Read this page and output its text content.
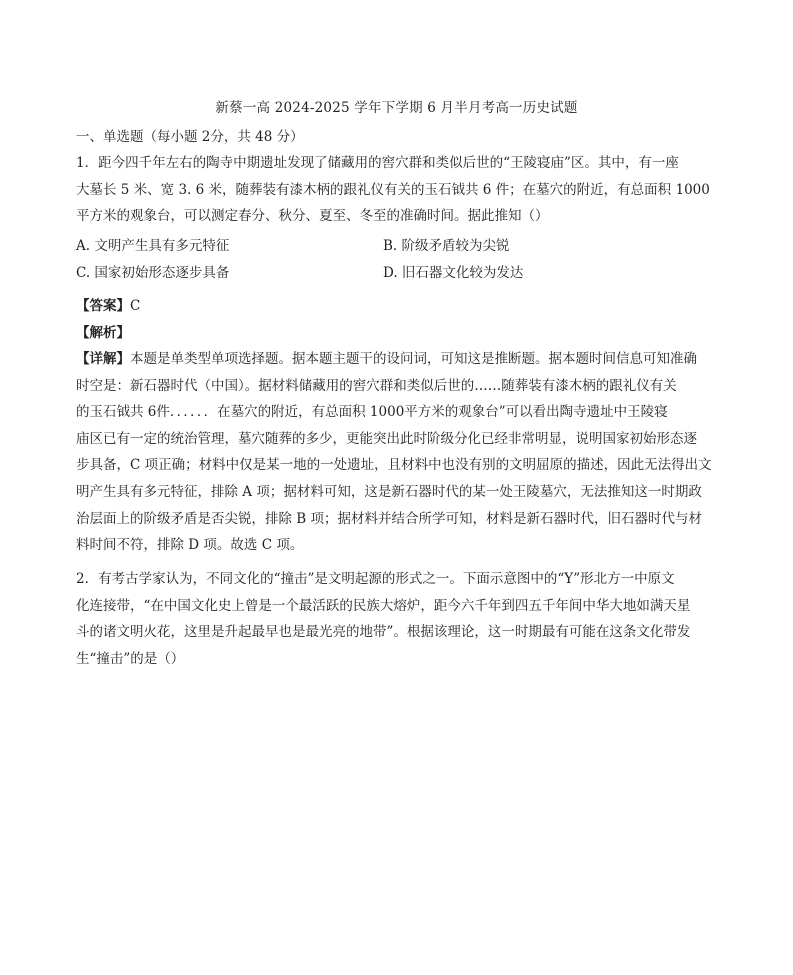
新蔡一高 2024-2025 学年下学期 6 月半月考高一历史试题
一、单选题（每小题 2分，共 48 分）
1．距今四千年左右的陶寺中期遗址发现了储藏用的窖穴群和类似后世的“王陵寝庙”区。其中，有一座
大墓长 5 米、宽 3. 6 米，随葬装有漆木柄的跟礼仪有关的玉石钺共 6 件；在墓穴的附近，有总面积 1000
平方米的观象台，可以测定春分、秋分、夏至、冬至的准确时间。据此推知（）
A. 文明产生具有多元特征	B. 阶级矛盾较为尖锐
C. 国家初始形态逐步具备	D. 旧石器文化较为发达
【答案】C
【解析】
【详解】本题是单类型单项选择题。据本题主题干的设问词，可知这是推断题。据本题时间信息可知准确
时空是：新石器时代（中国）。据材料储藏用的窖穴群和类似后世的……随葬装有漆木柄的跟礼仪有关
的玉石钺共 6件．．．．．．在墓穴的附近，有总面积 1000平方米的观象台”可以看出陶寺遗址中王陵寝
庙区已有一定的统治管理，墓穴随葬的多少，更能突出此时阶级分化已经非常明显，说明国家初始形态逐
步具备，C 项正确；材料中仅是某一地的一处遗址，且材料中也没有别的文明屈原的描述，因此无法得出文
明产生具有多元特征，排除 A 项；据材料可知，这是新石器时代的某一处王陵墓穴，无法推知这一时期政
治层面上的阶级矛盾是否尖锐，排除 B 项；据材料并结合所学可知，材料是新石器时代，旧石器时代与材
料时间不符，排除 D 项。故选 C 项。
2．有考古学家认为，不同文化的“撞击”是文明起源的形式之一。下面示意图中的“Y”形北方一中原文
化连接带，“在中国文化史上曾是一个最活跃的民族大熔炉，距今六千年到四五千年间中华大地如满天星
斗的诸文明火花，这里是升起最早也是最光亮的地带”。根据该理论，这一时期最有可能在这条文化带发
生“撞击”的是（）
